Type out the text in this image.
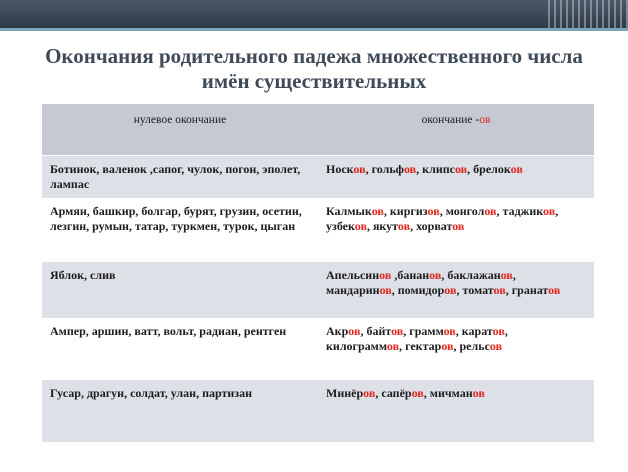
Окончания родительного падежа множественного числа
имён существительных
нулевое окончание	окончание -ов
Ботинок, валенок ,сапог, чулок, погон, эполет, лампас	Носков, гольфов, клипсов, брелоков
Армян, башкир, болгар, бурят, грузин, осетин, лезгин, румын, татар, туркмен, турок, цыган	Калмыков, киргизов, монголов, таджиков, узбеков, якутов, хорватов
Яблок, слив	Апельсинов ,бананов, баклажанов, мандаринов, помидоров, томатов, гранатов
Ампер, аршин, ватт, вольт, радиан, рентген	Акров, байтов, граммов, каратов, килограммов, гектаров, рельсов
Гусар, драгун, солдат, улан, партизан	Минёров, сапёров, мичманов
